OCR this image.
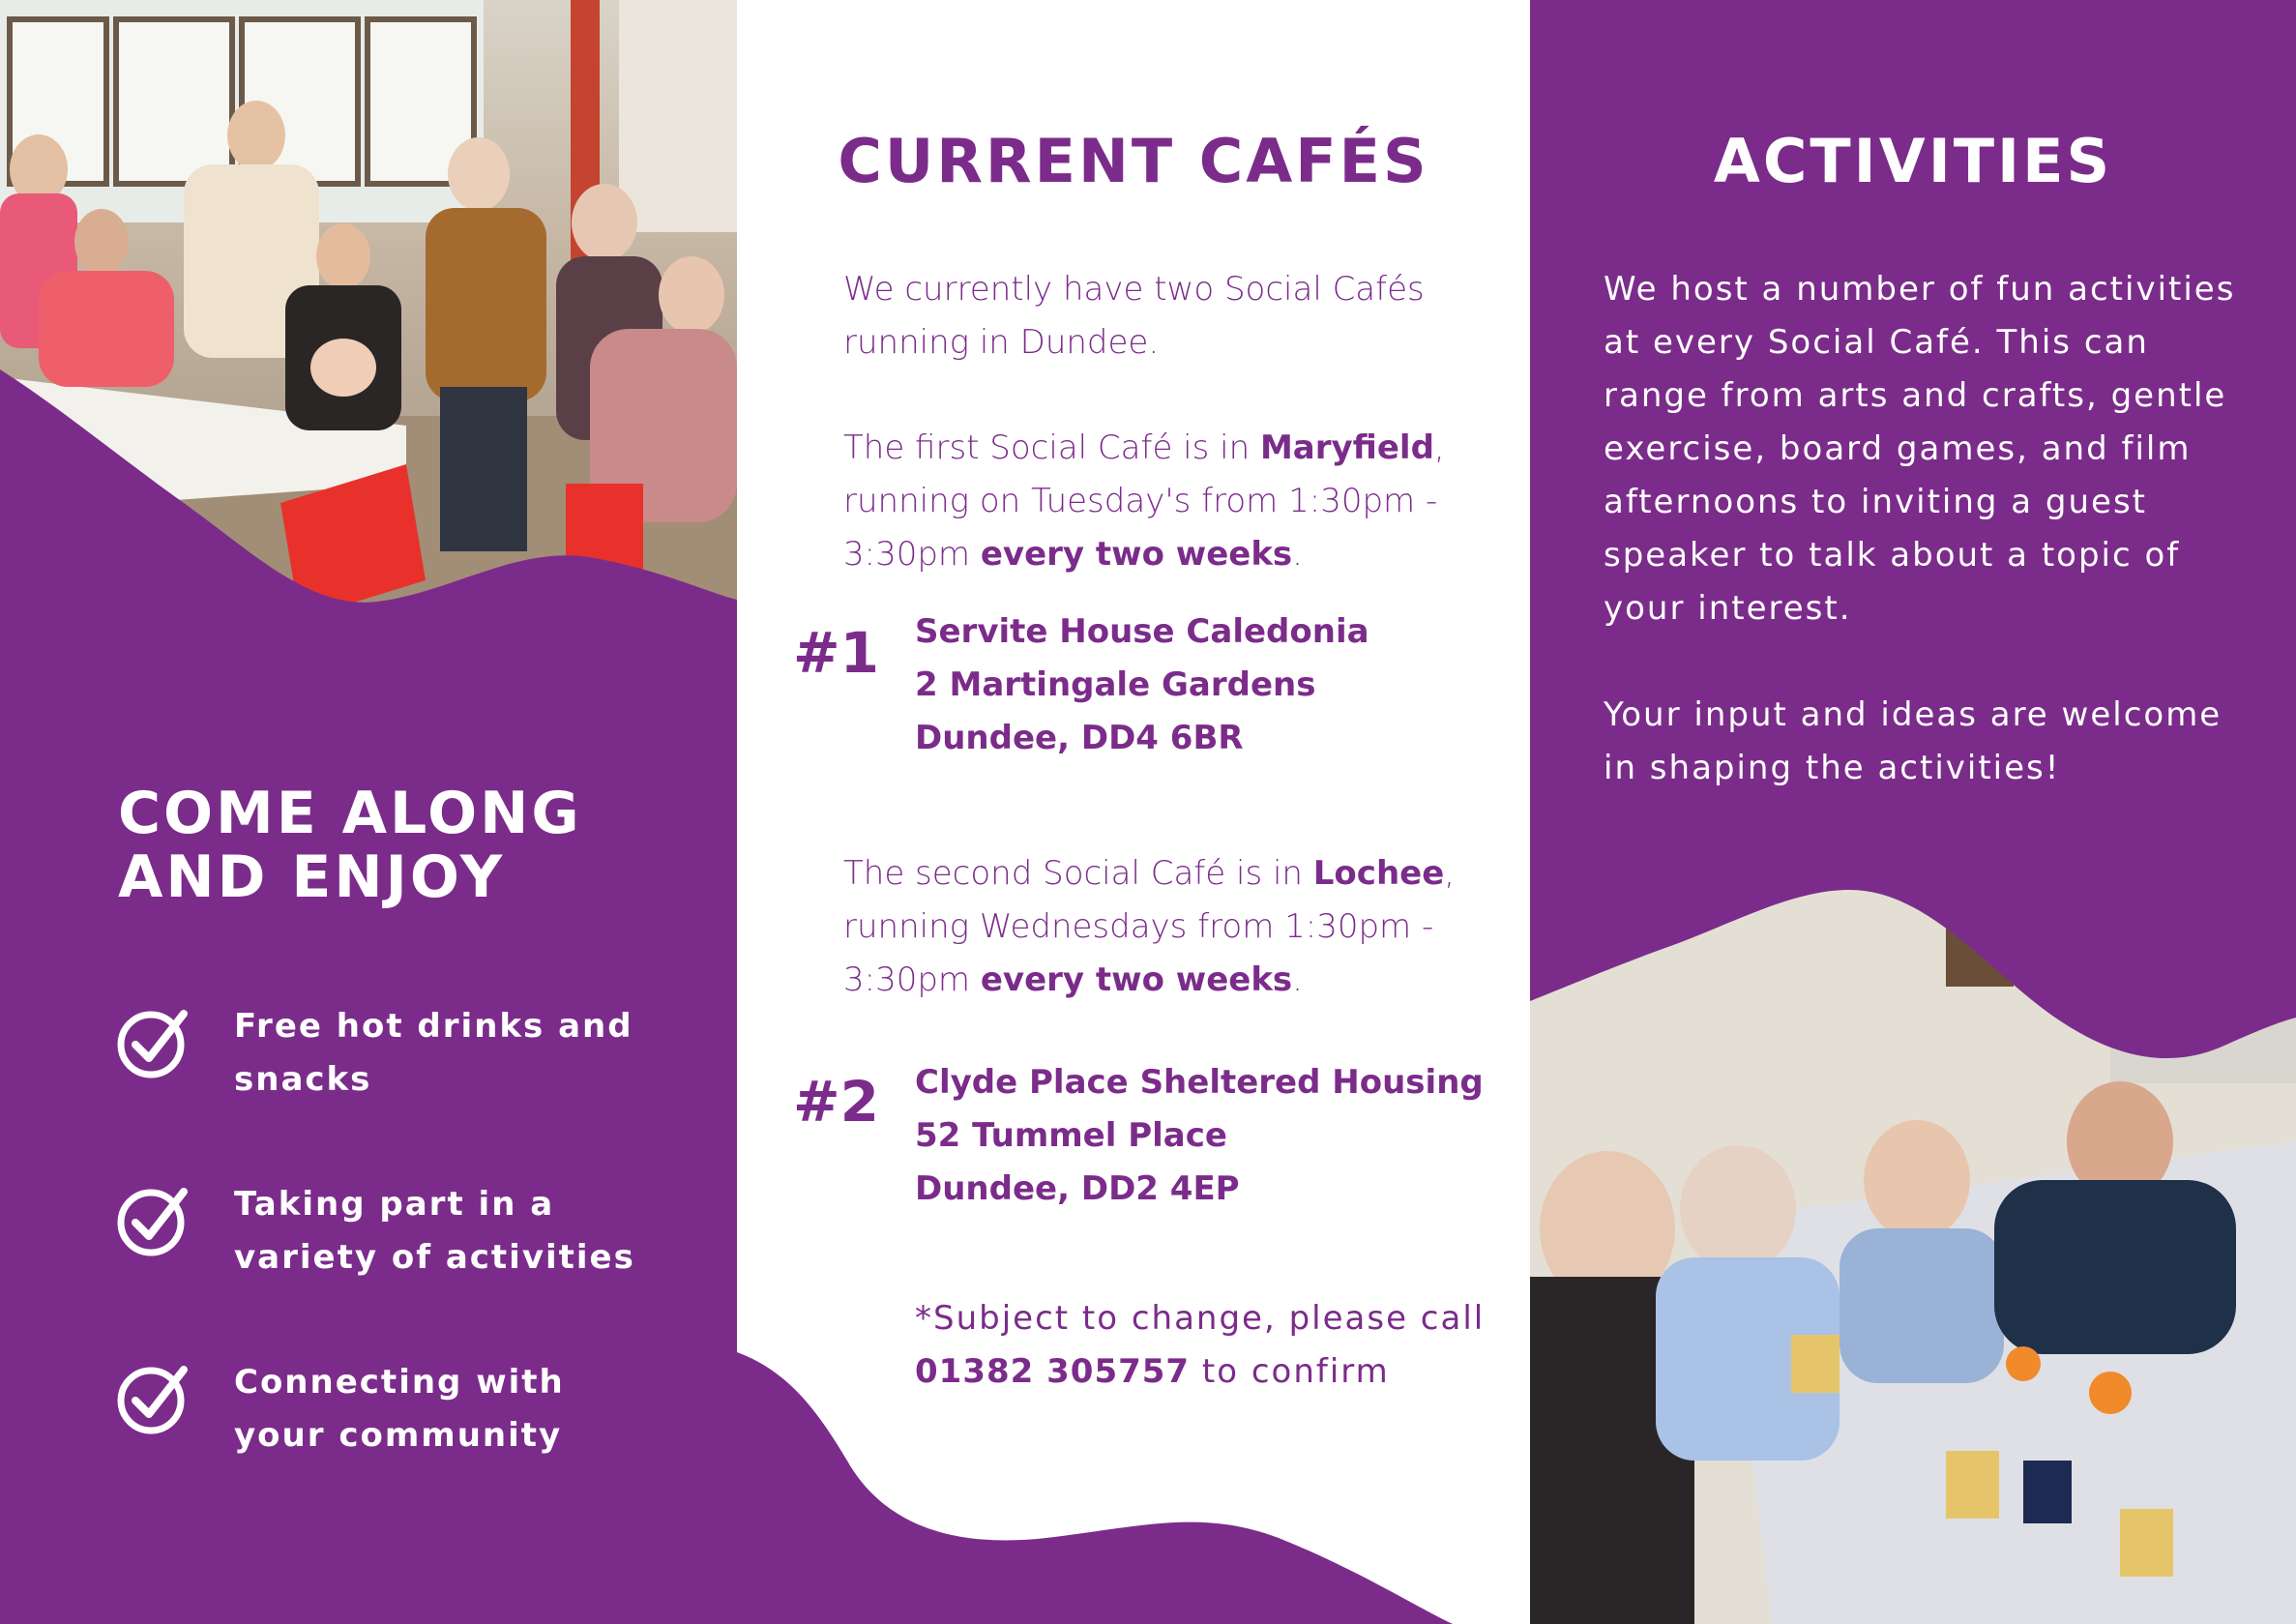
COME ALONG AND ENJOY
Free hot drinks and snacks
Taking part in a variety of activities
Connecting with your community
CURRENT CAFÉS
We currently have two Social Cafés running in Dundee.
The first Social Café is in Maryfield, running on Tuesday's from 1:30pm - 3:30pm every two weeks.
#1 Servite House Caledonia
2 Martingale Gardens
Dundee, DD4 6BR
The second Social Café is in Lochee, running Wednesdays from 1:30pm - 3:30pm every two weeks.
#2 Clyde Place Sheltered Housing
52 Tummel Place
Dundee, DD2 4EP
*Subject to change, please call 01382 305757 to confirm
ACTIVITIES
We host a number of fun activities at every Social Café. This can range from arts and crafts, gentle exercise, board games, and film afternoons to inviting a guest speaker to talk about a topic of your interest.
Your input and ideas are welcome in shaping the activities!
